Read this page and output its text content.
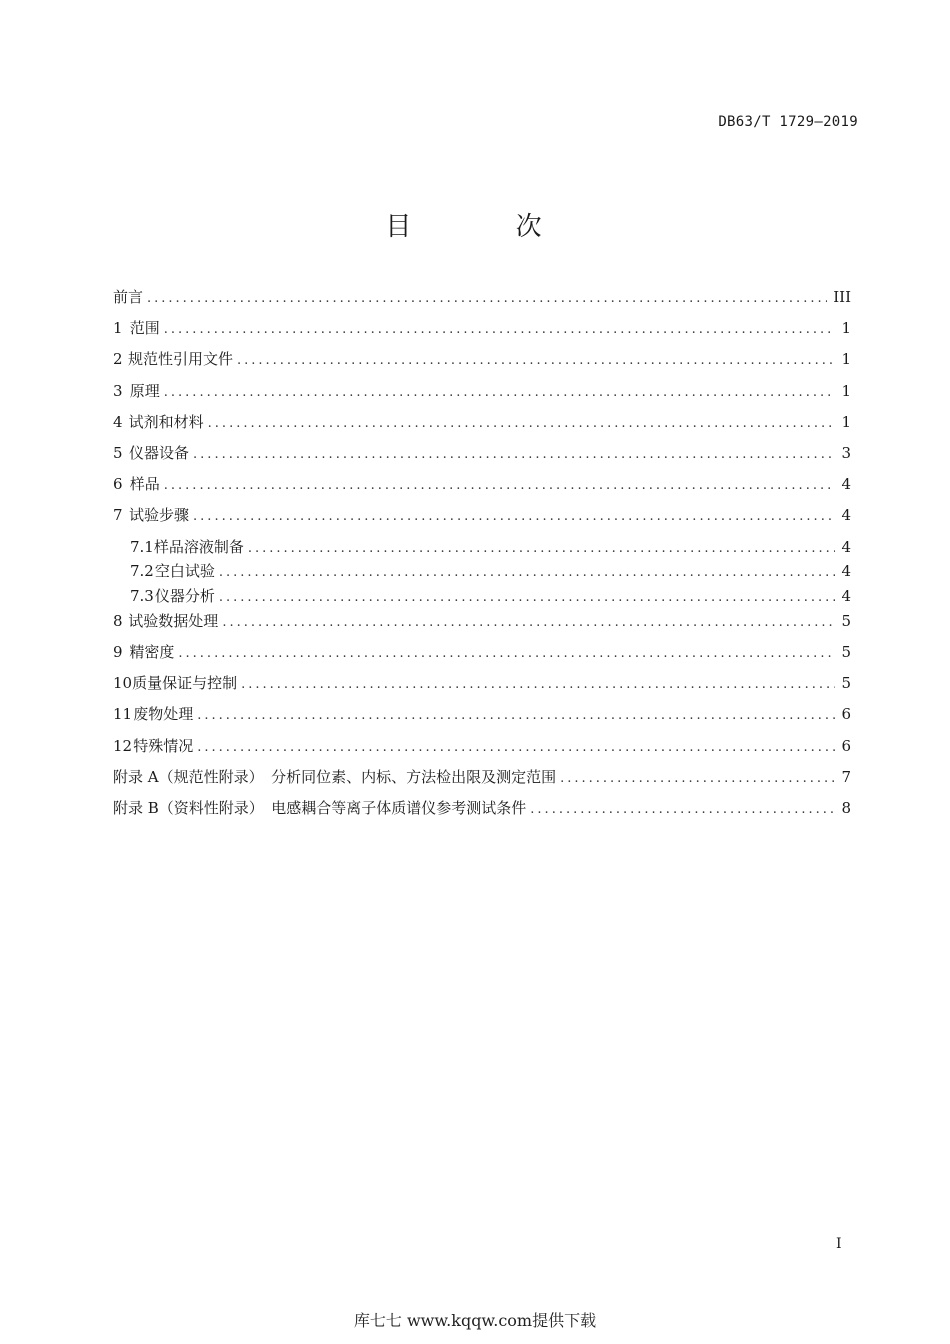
DB63/T 1729—2019
目 次
前言 .....	III
1 范围 .....	1
2 规范性引用文件 .....	1
3 原理 .....	1
4 试剂和材料 .....	1
5 仪器设备 .....	3
6 样品 .....	4
7 试验步骤 .....	4
7.1 样品溶液制备 .....	4
7.2 空白试验 .....	4
7.3 仪器分析 .....	4
8 试验数据处理 .....	5
9 精密度 .....	5
10 质量保证与控制 .....	5
11 废物处理 .....	6
12 特殊情况 .....	6
附录 A（规范性附录）　分析同位素、内标、方法检出限及测定范围 .....	7
附录 B（资料性附录）　电感耦合等离子体质谱仪参考测试条件 .....	8
I
库七七 www.kqqw.com提供下载
